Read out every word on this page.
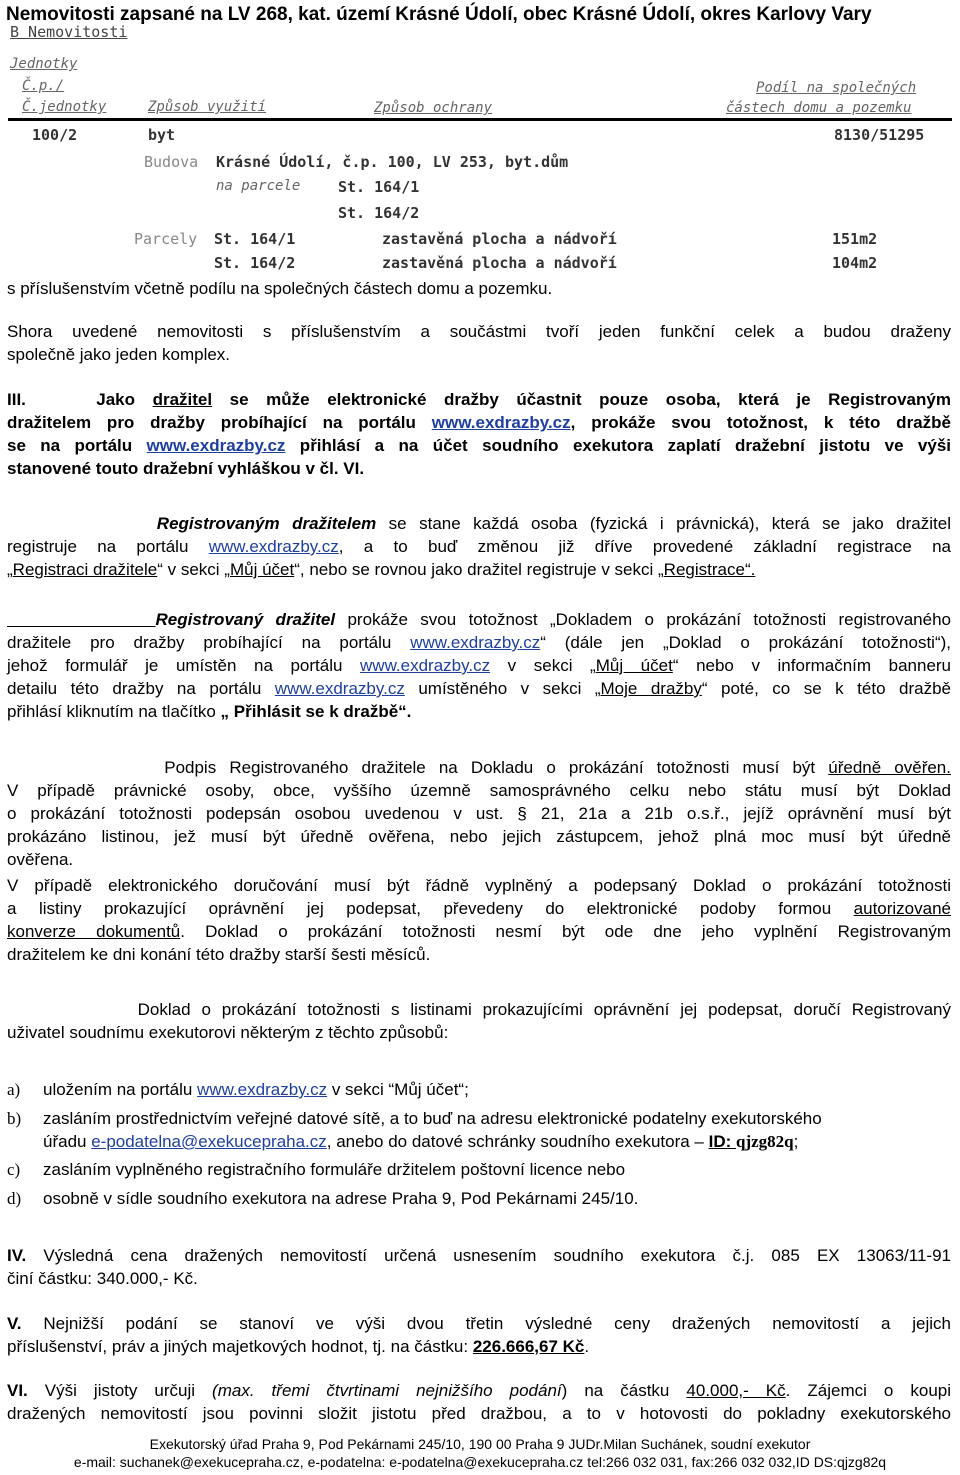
Nemovitosti zapsané na LV 268, kat. území Krásné Údolí, obec Krásné Údolí, okres Karlovy Vary
B Nemovitosti
Jednotky
Č.p./
Č.jednotky	Způsob využití	Způsob ochrany
Podíl na společných
částech domu a pozemku
100/2	byt	8130/51295
Budova Krásné Údolí, č.p. 100, LV 253, byt.dům
na parcele	St. 164/1
St. 164/2
Parcely St. 164/1	zastavěná plocha a nádvoří	151m2
St. 164/2	zastavěná plocha a nádvoří	104m2
s příslušenstvím včetně podílu na společných částech domu a pozemku.
Shora uvedené nemovitosti s příslušenstvím a součástmi tvoří jeden funkční celek a budou draženy
společně jako jeden komplex.
III.	Jako dražitel se může elektronické dražby účastnit pouze osoba, která je Registrovaným
dražitelem pro dražby probíhající na portálu www.exdrazby.cz, prokáže svou totožnost, k této dražbě
se na portálu www.exdrazby.cz přihlásí a na účet soudního exekutora zaplatí dražební jistotu ve výši
stanovené touto dražební vyhláškou v čl. VI.
Registrovaným dražitelem se stane každá osoba (fyzická i právnická), která se jako dražitel
registruje na portálu www.exdrazby.cz, a to buď změnou již dříve provedené základní registrace na
„Registraci dražitele“ v sekci „Můj účet“, nebo se rovnou jako dražitel registruje v sekci „Registrace“.
Registrovaný dražitel prokáže svou totožnost „Dokladem o prokázání totožnosti registrovaného
dražitele pro dražby probíhající na portálu www.exdrazby.cz“ (dále jen „Doklad o prokázání totožnosti“),
jehož formulář je umístěn na portálu www.exdrazby.cz v sekci „Můj účet“ nebo v informačním banneru
detailu této dražby na portálu www.exdrazby.cz umístěného v sekci „Moje dražby“ poté, co se k této dražbě
přihlásí kliknutím na tlačítko „ Přihlásit se k dražbě“.
Podpis Registrovaného dražitele na Dokladu o prokázání totožnosti musí být úředně ověřen.
V případě právnické osoby, obce, vyššího územně samosprávného celku nebo státu musí být Doklad
o prokázání totožnosti podepsán osobou uvedenou v ust. § 21, 21a a 21b o.s.ř., jejíž oprávnění musí být
prokázáno listinou, jež musí být úředně ověřena, nebo jejich zástupcem, jehož plná moc musí být úředně
ověřena.
V případě elektronického doručování musí být řádně vyplněný a podepsaný Doklad o prokázání totožnosti
a listiny prokazující oprávnění jej podepsat, převedeny do elektronické podoby formou autorizované
konverze dokumentů. Doklad o prokázání totožnosti nesmí být ode dne jeho vyplnění Registrovaným
dražitelem ke dni konání této dražby starší šesti měsíců.
Doklad o prokázání totožnosti s listinami prokazujícími oprávnění jej podepsat, doručí Registrovaný
uživatel soudnímu exekutorovi některým z těchto způsobů:
a) uložením na portálu www.exdrazby.cz v sekci “Můj účet“;
b) zasláním prostřednictvím veřejné datové sítě, a to buď na adresu elektronické podatelny exekutorského
úřadu e-podatelna@exekucepraha.cz, anebo do datové schránky soudního exekutora – ID: qjzg82q;
c) zasláním vyplněného registračního formuláře držitelem poštovní licence nebo
d) osobně v sídle soudního exekutora na adrese Praha 9, Pod Pekárnami 245/10.
IV. Výsledná cena dražených nemovitostí určená usnesením soudního exekutora č.j. 085 EX 13063/11-91
činí částku: 340.000,- Kč.
V. Nejnižší podání se stanoví ve výši dvou třetin výsledné ceny dražených nemovitostí a jejich
příslušenství, práv a jiných majetkových hodnot, tj. na částku: 226.666,67 Kč.
VI. Výši jistoty určuji (max. třemi čtvrtinami nejnižšího podání) na částku 40.000,- Kč. Zájemci o koupi
dražených nemovitostí jsou povinni složit jistotu před dražbou, a to v hotovosti do pokladny exekutorského
Exekutorský úřad Praha 9, Pod Pekárnami 245/10, 190 00 Praha 9 JUDr.Milan Suchánek, soudní exekutor
e-mail: suchanek@exekucepraha.cz, e-podatelna: e-podatelna@exekucepraha.cz tel:266 032 031, fax:266 032 032,ID DS:qjzg82q
